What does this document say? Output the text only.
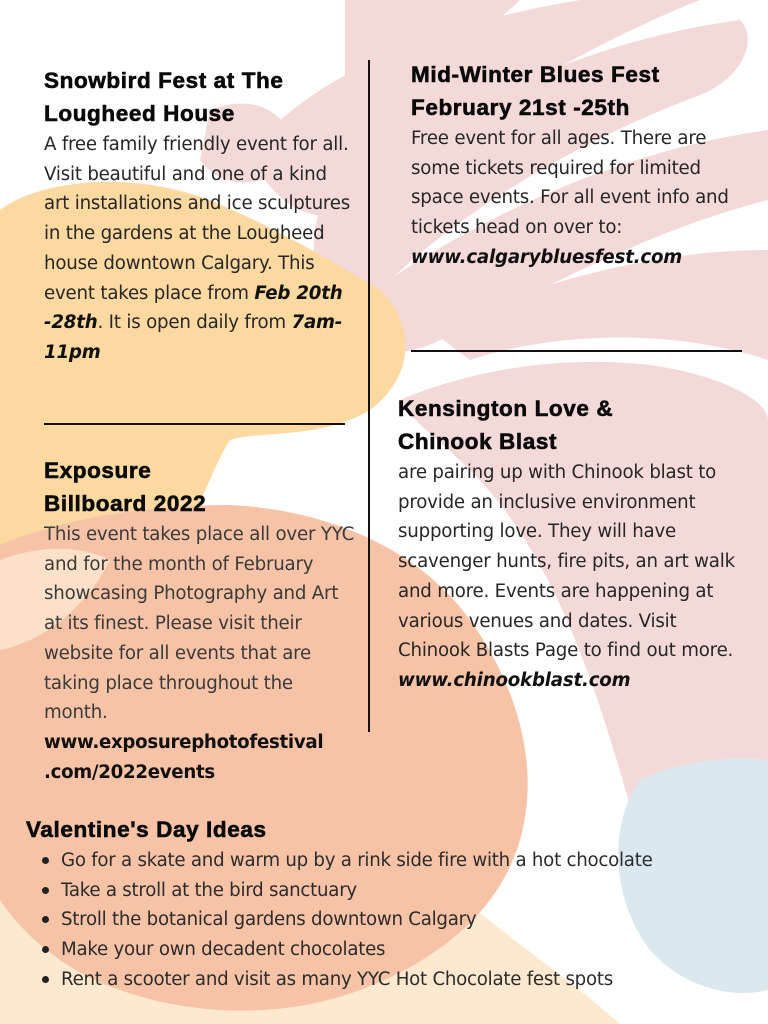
Snowbird Fest at The
Lougheed House

A free family friendly event for all. Visit beautiful and one of a kind art installations and ice sculptures in the gardens at the Lougheed house downtown Calgary. This event takes place from Feb 20th -28th. It is open daily from 7am-11pm

Exposure
Billboard 2022

This event takes place all over YYC and for the month of February showcasing Photography and Art at its finest. Please visit their website for all events that are taking place throughout the month.

www.exposurephotofestival
.com/2022events

Mid-Winter Blues Fest
February 21st -25th

Free event for all ages. There are some tickets required for limited space events. For all event info and tickets head on over to:

www.calgarybluesfest.com

Kensington Love &
Chinook Blast

are pairing up with Chinook blast to provide an inclusive environment supporting love. They will have scavenger hunts, fire pits, an art walk and more. Events are happening at various venues and dates. Visit Chinook Blasts Page to find out more.

www.chinookblast.com

Valentine's Day Ideas
Go for a skate and warm up by a rink side fire with a hot chocolate
Take a stroll at the bird sanctuary
Stroll the botanical gardens downtown Calgary
Make your own decadent chocolates
Rent a scooter and visit as many YYC Hot Chocolate fest spots
